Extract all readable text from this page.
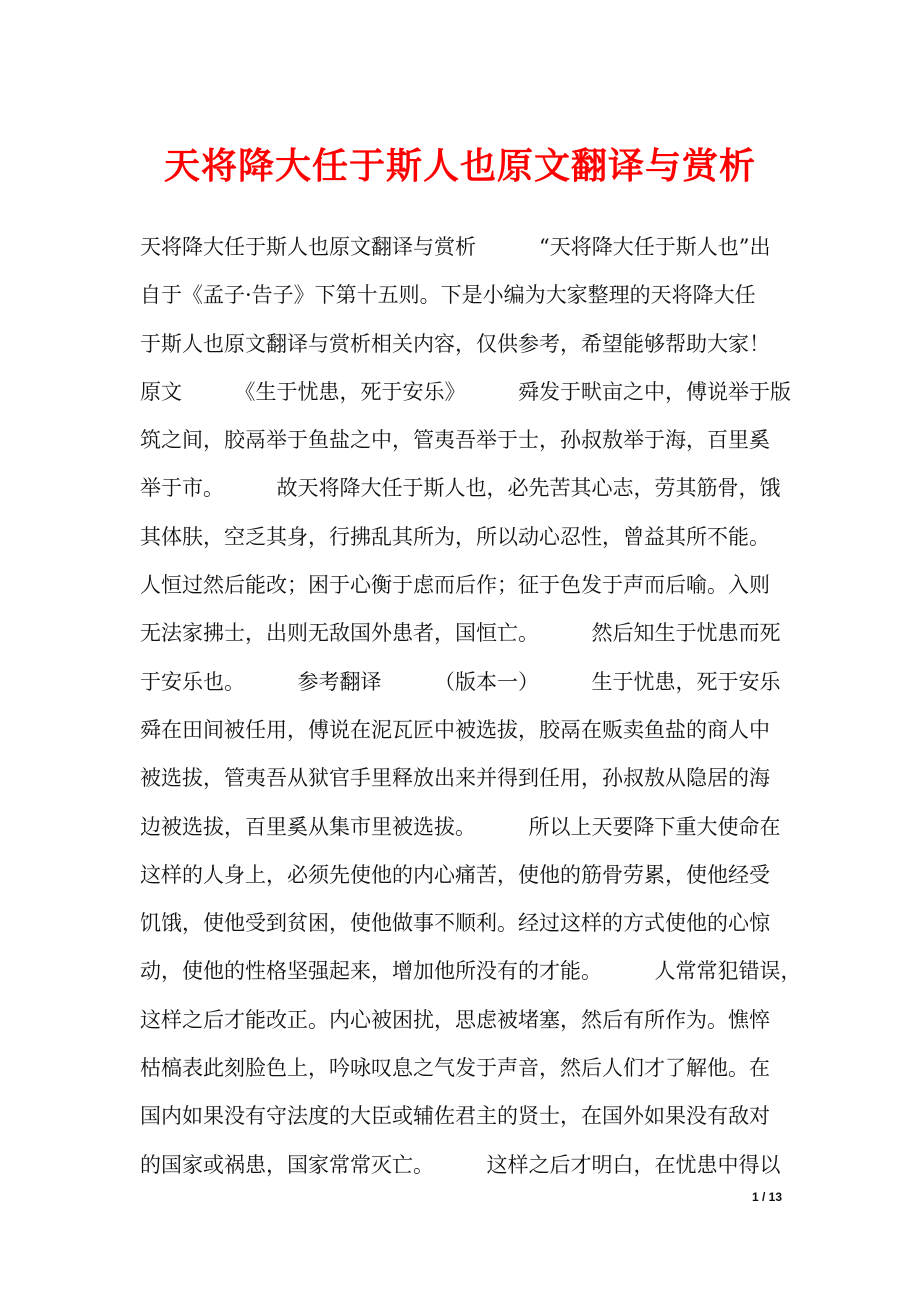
天将降大任于斯人也原文翻译与赏析
天将降大任于斯人也原文翻译与赏析　　　“天将降大任于斯人也”出
自于《孟子·告子》下第十五则。下是小编为大家整理的天将降大任
于斯人也原文翻译与赏析相关内容，仅供参考，希望能够帮助大家！
原文　　　《生于忧患，死于安乐》　　　舜发于畎亩之中，傅说举于版
筑之间，胶鬲举于鱼盐之中，管夷吾举于士，孙叔敖举于海，百里奚
举于市。　　　故天将降大任于斯人也，必先苦其心志，劳其筋骨，饿
其体肤，空乏其身，行拂乱其所为，所以动心忍性，曾益其所不能。
人恒过然后能改；困于心衡于虑而后作；征于色发于声而后喻。入则
无法家拂士，出则无敌国外患者，国恒亡。　　　然后知生于忧患而死
于安乐也。　　　参考翻译　　　（版本一）　　　生于忧患，死于安乐
舜在田间被任用，傅说在泥瓦匠中被选拔，胶鬲在贩卖鱼盐的商人中
被选拔，管夷吾从狱官手里释放出来并得到任用，孙叔敖从隐居的海
边被选拔，百里奚从集市里被选拔。　　　所以上天要降下重大使命在
这样的人身上，必须先使他的内心痛苦，使他的筋骨劳累，使他经受
饥饿，使他受到贫困，使他做事不顺利。经过这样的方式使他的心惊
动，使他的性格坚强起来，增加他所没有的才能。　　　人常常犯错误，
这样之后才能改正。内心被困扰，思虑被堵塞，然后有所作为。憔悴
枯槁表此刻脸色上，吟咏叹息之气发于声音，然后人们才了解他。在
国内如果没有守法度的大臣或辅佐君主的贤士，在国外如果没有敌对
的国家或祸患，国家常常灭亡。　　　这样之后才明白，在忧患中得以
1 / 13
